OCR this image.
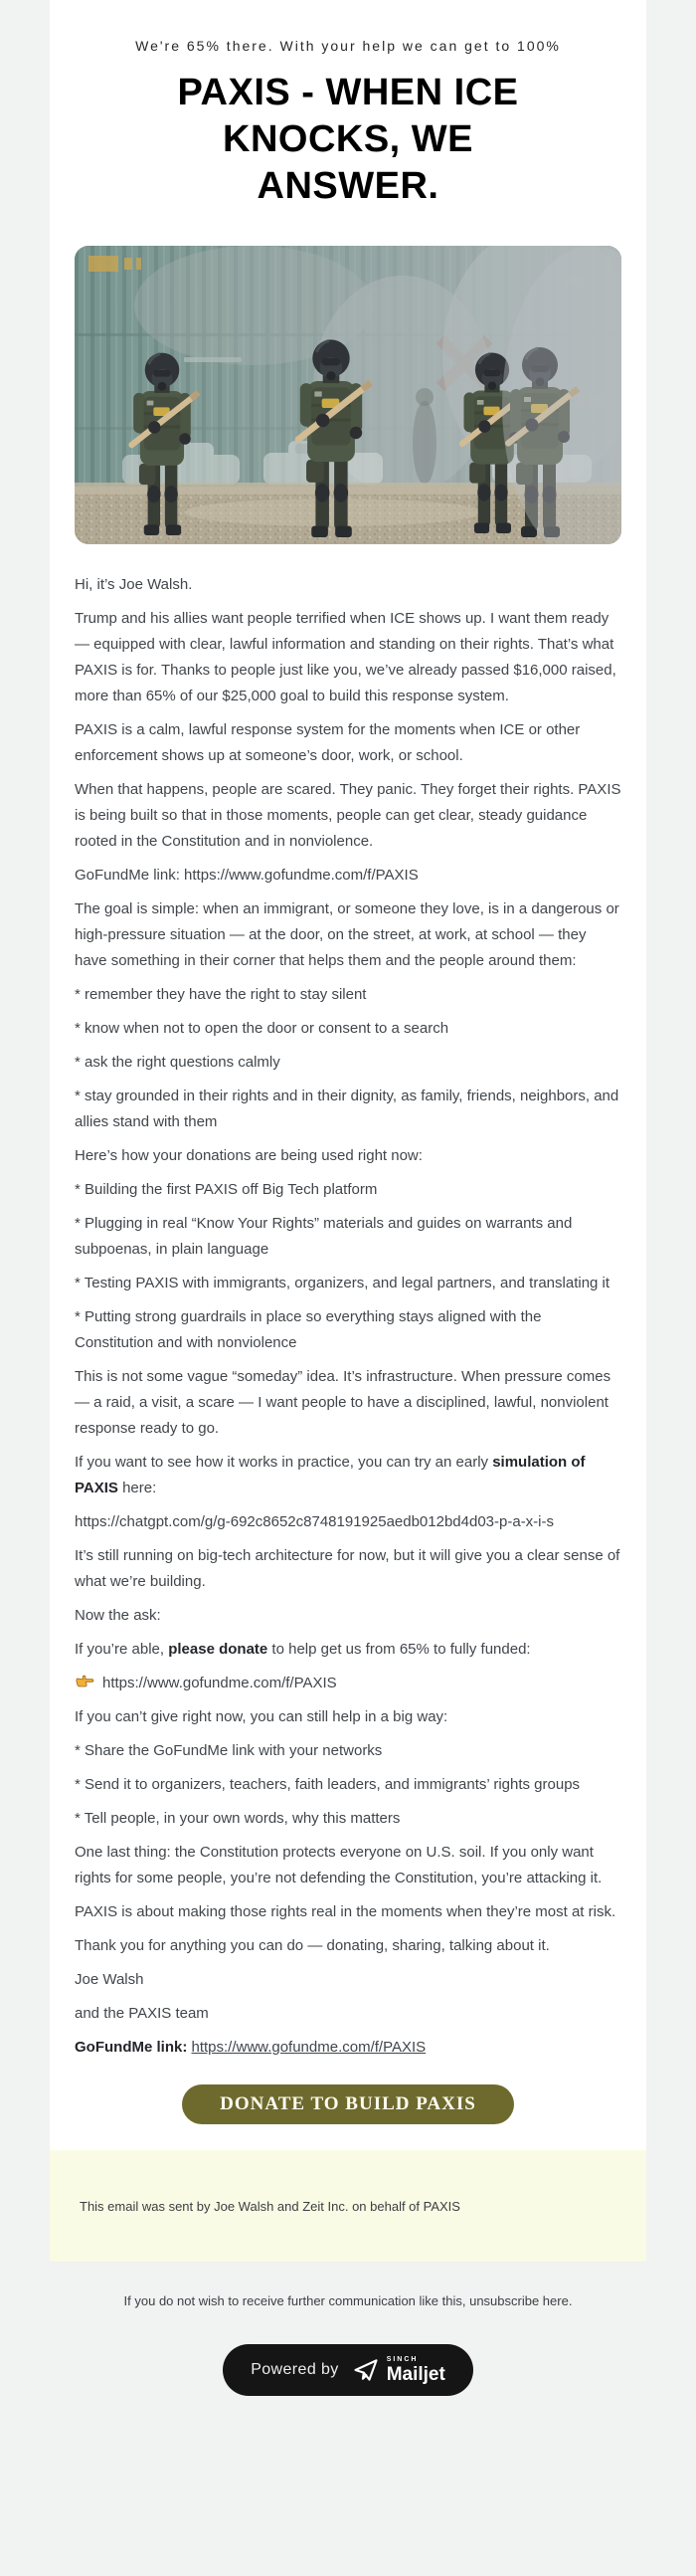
We're 65% there. With your help we can get to 100%

PAXIS - WHEN ICE KNOCKS, WE ANSWER.

Hi, it’s Joe Walsh.

Trump and his allies want people terrified when ICE shows up. I want them ready — equipped with clear, lawful information and standing on their rights. That’s what PAXIS is for. Thanks to people just like you, we’ve already passed $16,000 raised, more than 65% of our $25,000 goal to build this response system.

PAXIS is a calm, lawful response system for the moments when ICE or other enforcement shows up at someone’s door, work, or school.

When that happens, people are scared. They panic. They forget their rights. PAXIS is being built so that in those moments, people can get clear, steady guidance rooted in the Constitution and in nonviolence.

GoFundMe link: https://www.gofundme.com/f/PAXIS

The goal is simple: when an immigrant, or someone they love, is in a dangerous or high-pressure situation — at the door, on the street, at work, at school — they have something in their corner that helps them and the people around them:

* remember they have the right to stay silent

* know when not to open the door or consent to a search

* ask the right questions calmly

* stay grounded in their rights and in their dignity, as family, friends, neighbors, and allies stand with them

Here’s how your donations are being used right now:

* Building the first PAXIS off Big Tech platform

* Plugging in real “Know Your Rights” materials and guides on warrants and subpoenas, in plain language

* Testing PAXIS with immigrants, organizers, and legal partners, and translating it

* Putting strong guardrails in place so everything stays aligned with the Constitution and with nonviolence

This is not some vague “someday” idea. It’s infrastructure. When pressure comes — a raid, a visit, a scare — I want people to have a disciplined, lawful, nonviolent response ready to go.

If you want to see how it works in practice, you can try an early simulation of PAXIS here:

https://chatgpt.com/g/g-692c8652c8748191925aedb012bd4d03-p-a-x-i-s

It’s still running on big-tech architecture for now, but it will give you a clear sense of what we’re building.

Now the ask:

If you’re able, please donate to help get us from 65% to fully funded:

https://www.gofundme.com/f/PAXIS

If you can’t give right now, you can still help in a big way:

* Share the GoFundMe link with your networks

* Send it to organizers, teachers, faith leaders, and immigrants’ rights groups

* Tell people, in your own words, why this matters

One last thing: the Constitution protects everyone on U.S. soil. If you only want rights for some people, you’re not defending the Constitution, you’re attacking it.

PAXIS is about making those rights real in the moments when they’re most at risk.

Thank you for anything you can do — donating, sharing, talking about it.

Joe Walsh

and the PAXIS team

GoFundMe link: https://www.gofundme.com/f/PAXIS

DONATE TO BUILD PAXIS
This email was sent by Joe Walsh and Zeit Inc. on behalf of PAXIS

If you do not wish to receive further communication like this, unsubscribe here.

Powered by
SINCH
Mailjet
